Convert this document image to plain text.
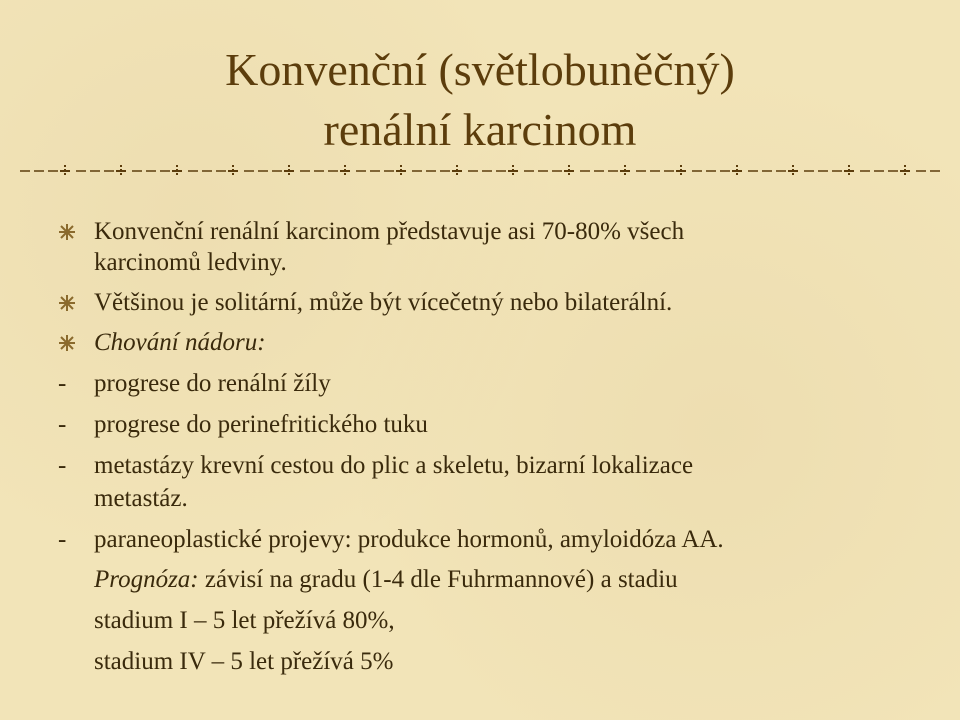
Konvenční (světlobuněčný)
renální karcinom
Konvenční renální karcinom představuje asi 70-80% všech
karcinomů ledviny.
Většinou je solitární, může být vícečetný nebo bilaterální.
Chování nádoru:
- progrese do renální žíly
- progrese do perinefritického tuku
- metastázy krevní cestou do plic a skeletu, bizarní lokalizace
metastáz.
- paraneoplastické projevy: produkce hormonů, amyloidóza AA.
Prognóza: závisí na gradu (1-4 dle Fuhrmannové) a stadiu
stadium I – 5 let přežívá 80%,
stadium IV – 5 let přežívá 5%
